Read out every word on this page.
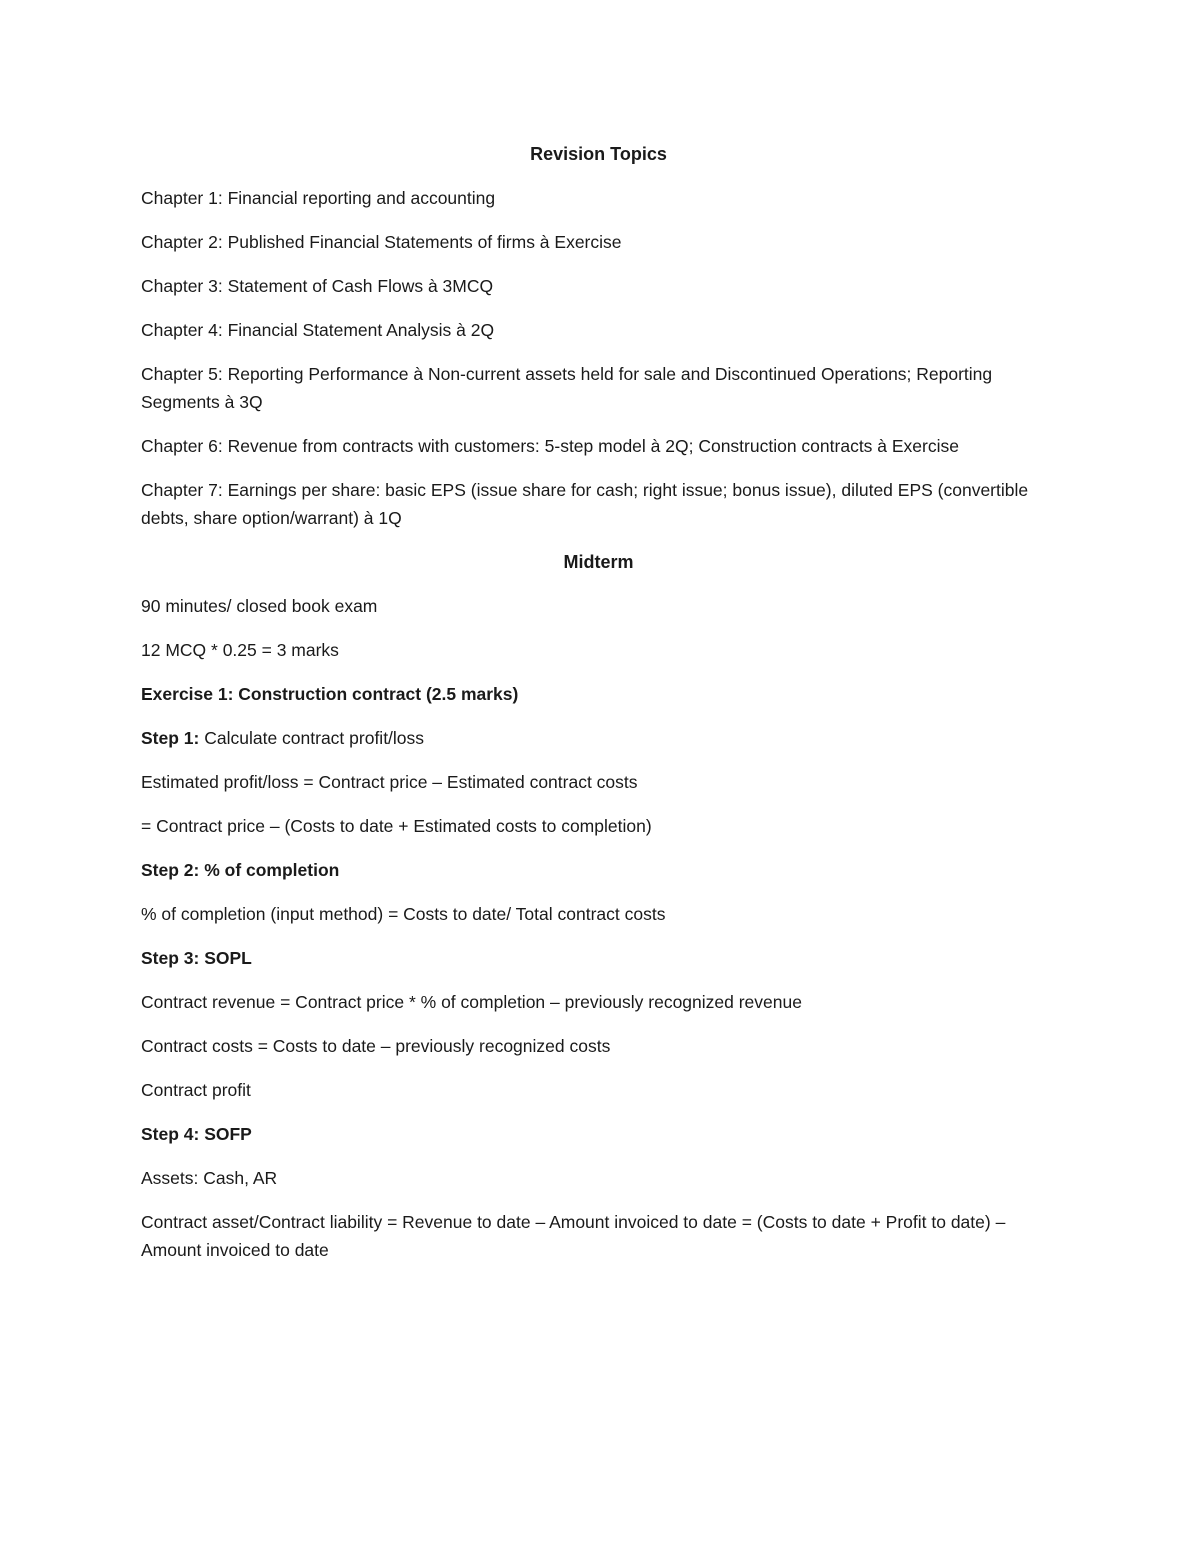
Revision Topics

Chapter 1: Financial reporting and accounting

Chapter 2: Published Financial Statements of firms à Exercise

Chapter 3: Statement of Cash Flows à 3MCQ

Chapter 4: Financial Statement Analysis à 2Q

Chapter 5: Reporting Performance à Non-current assets held for sale and Discontinued Operations; Reporting Segments à 3Q

Chapter 6: Revenue from contracts with customers: 5-step model à 2Q; Construction contracts à Exercise

Chapter 7: Earnings per share: basic EPS (issue share for cash; right issue; bonus issue), diluted EPS (convertible debts, share option/warrant) à 1Q

Midterm

90 minutes/ closed book exam

12 MCQ * 0.25 = 3 marks

Exercise 1: Construction contract (2.5 marks)

Step 1: Calculate contract profit/loss

Estimated profit/loss = Contract price – Estimated contract costs

= Contract price – (Costs to date + Estimated costs to completion)

Step 2: % of completion

% of completion (input method) = Costs to date/ Total contract costs

Step 3: SOPL

Contract revenue = Contract price * % of completion – previously recognized revenue

Contract costs = Costs to date – previously recognized costs

Contract profit

Step 4: SOFP

Assets: Cash, AR

Contract asset/Contract liability = Revenue to date – Amount invoiced to date = (Costs to date + Profit to date) – Amount invoiced to date
